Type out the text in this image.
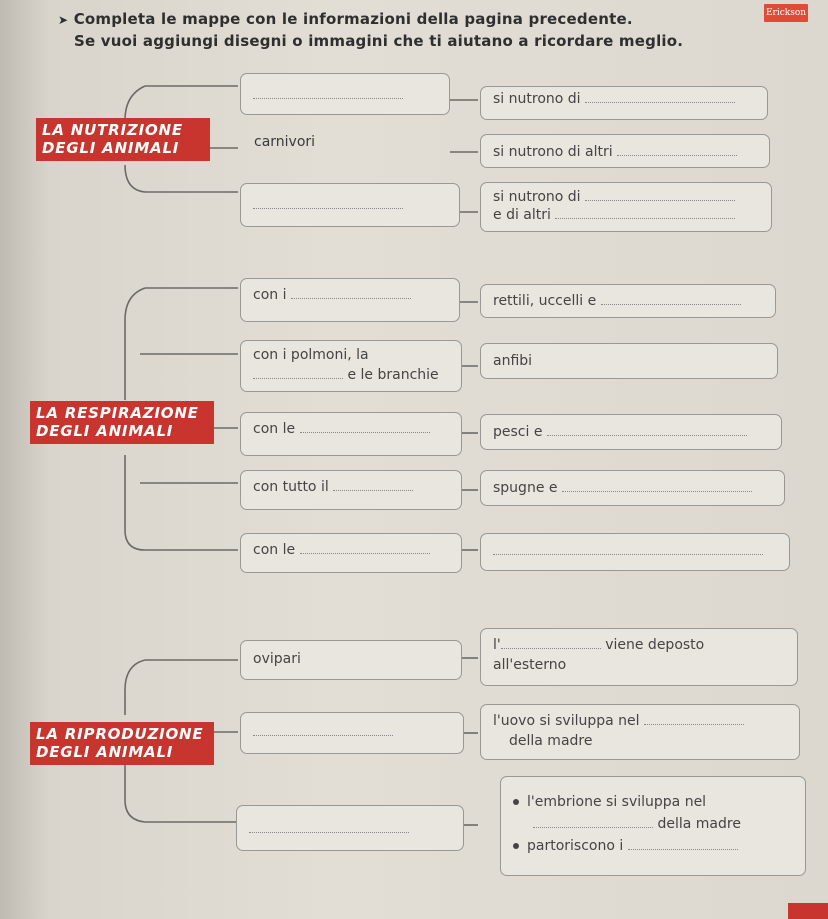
Erickson
➤ Completa le mappe con le informazioni della pagina precedente.
Se vuoi aggiungi disegni o immagini che ti aiutano a ricordare meglio.
LA NUTRIZIONE
DEGLI ANIMALI	carnivori
si nutrono di
si nutrono di altri
si nutrono di
e di altri
LA RESPIRAZIONE
DEGLI ANIMALI
con i
con i polmoni, la
e le branchie
con le
con tutto il
con le
rettili, uccelli e
anfibi
pesci e
spugne e
LA RIPRODUZIONE
DEGLI ANIMALI
ovipari
l'	viene deposto
all'esterno
l'uovo si sviluppa nel
della madre
l'embrione si sviluppa nel
della madre
partoriscono i
